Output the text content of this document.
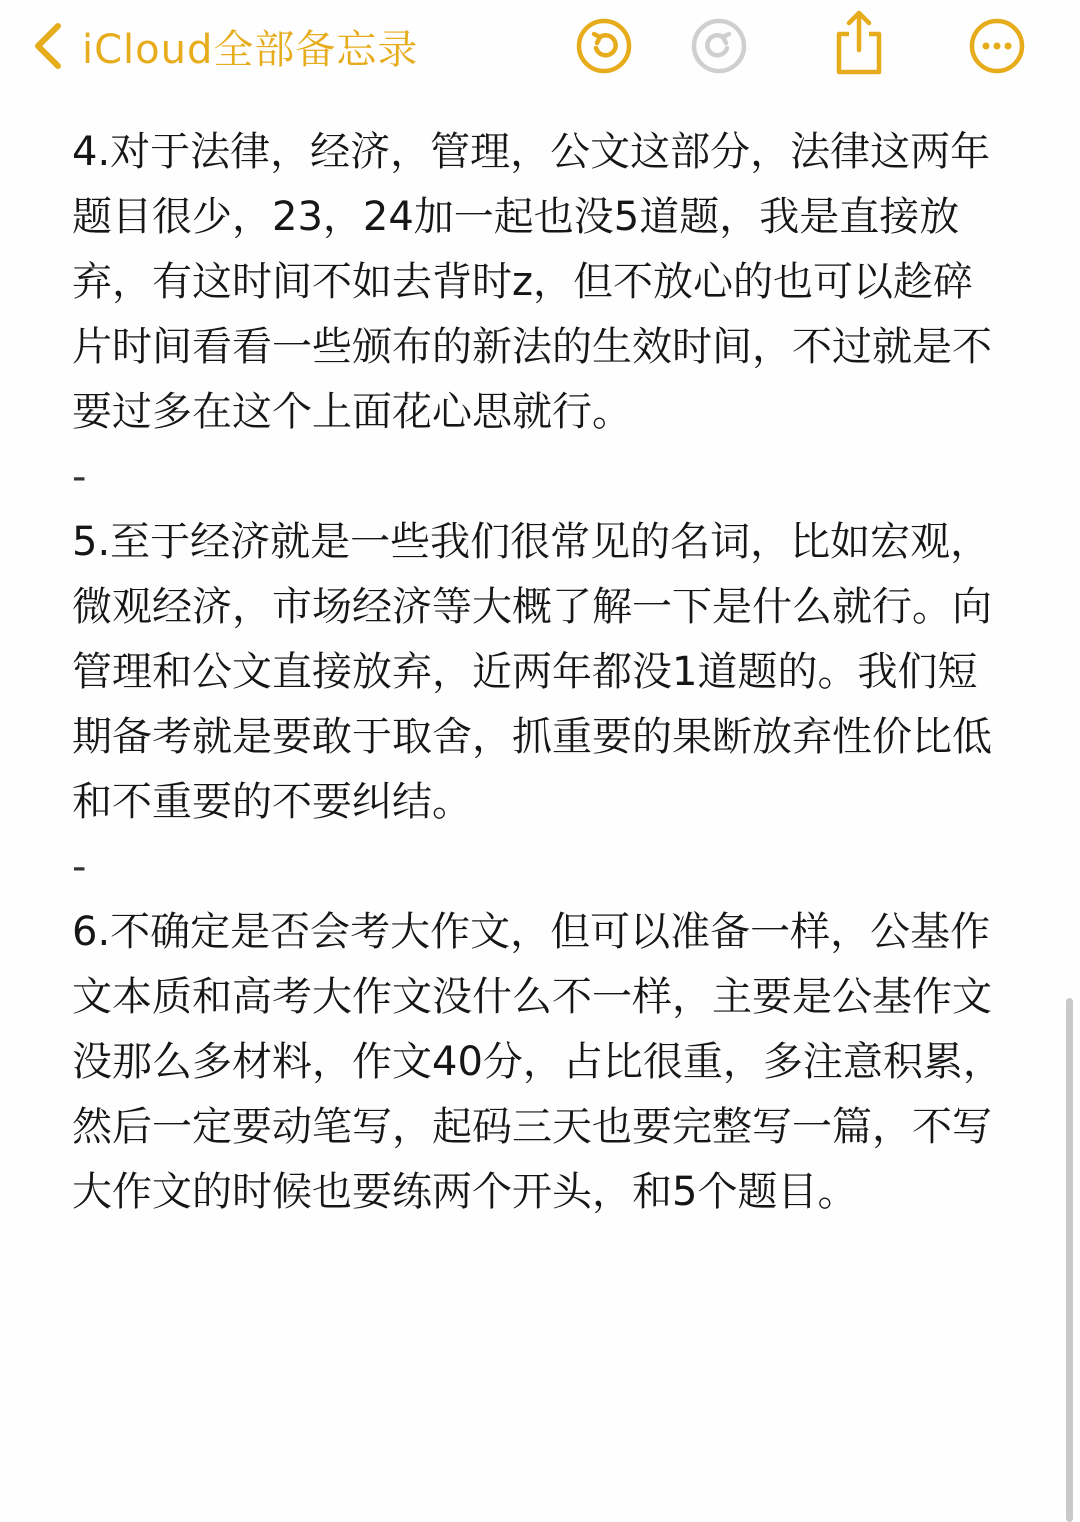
iCloud全部备忘录

4.对于法律，经济，管理，公文这部分，法律这两年题目很少，23，24加一起也没5道题，我是直接放弃，有这时间不如去背时z，但不放心的也可以趁碎片时间看看一些颁布的新法的生效时间，不过就是不要过多在这个上面花心思就行。

-

5.至于经济就是一些我们很常见的名词，比如宏观，微观经济，市场经济等大概了解一下是什么就行。向管理和公文直接放弃，近两年都没1道题的。我们短期备考就是要敢于取舍，抓重要的果断放弃性价比低和不重要的不要纠结。

-

6.不确定是否会考大作文，但可以准备一样，公基作文本质和高考大作文没什么不一样，主要是公基作文没那么多材料，作文40分，占比很重，多注意积累，然后一定要动笔写，起码三天也要完整写一篇，不写大作文的时候也要练两个开头，和5个题目。
